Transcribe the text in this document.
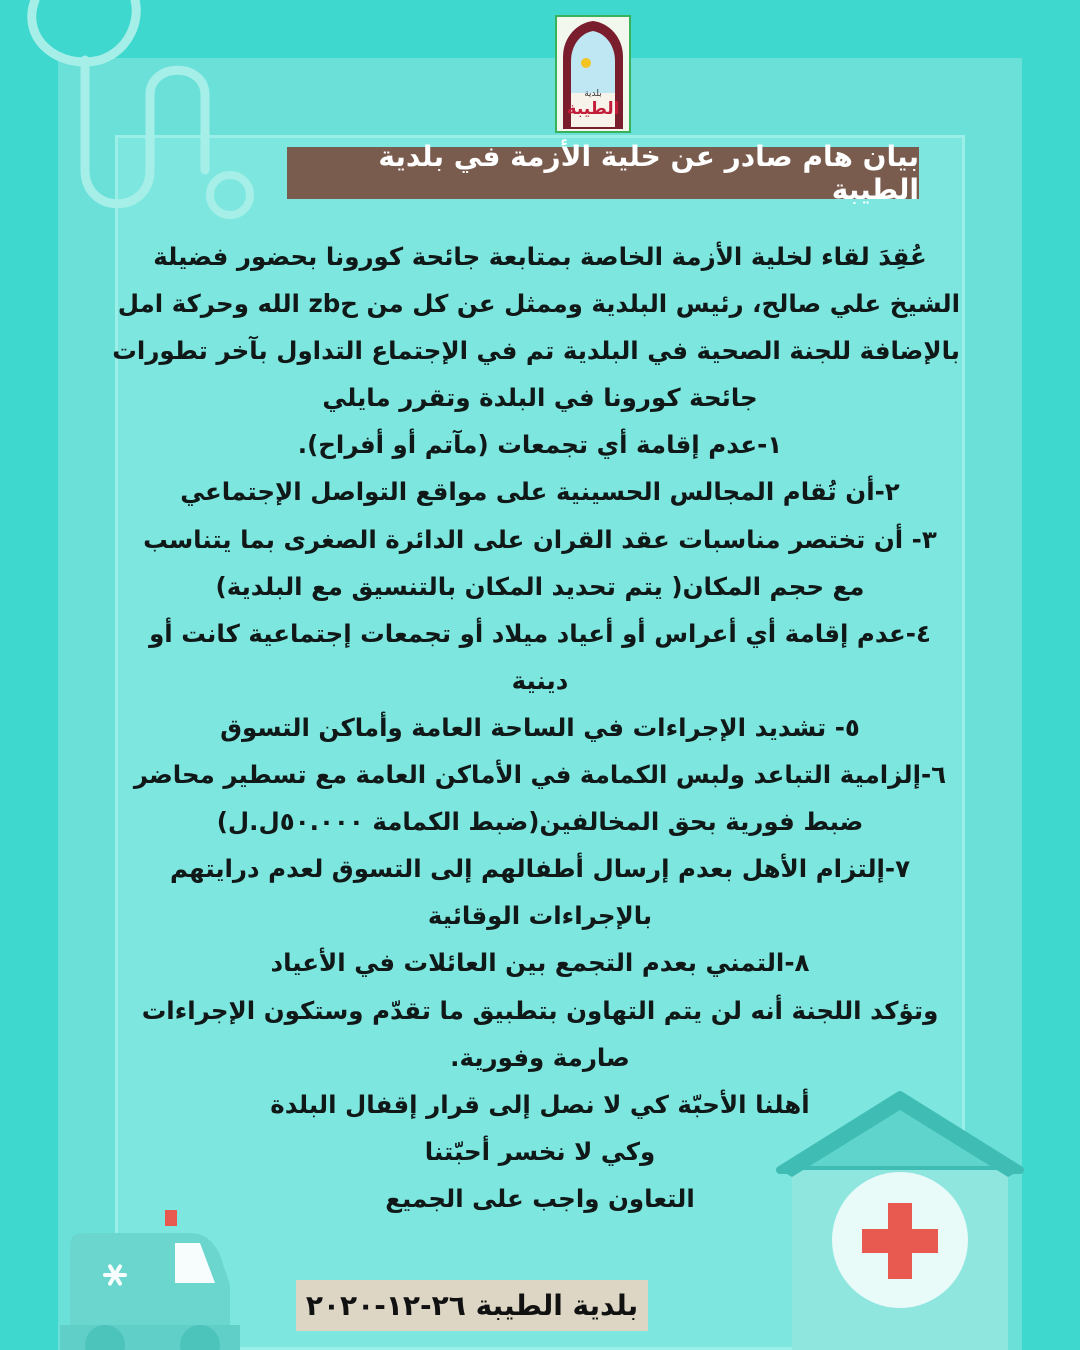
بلدية
الطيبة
بيان هام صادر عن خلية الأزمة في بلدية الطيبة
عُقِدَ لقاء لخلية الأزمة الخاصة بمتابعة جائحة كورونا بحضور فضيلة
الشيخ علي صالح، رئيس البلدية وممثل عن كل من حzb الله وحركة امل
بالإضافة للجنة الصحية في البلدية تم في الإجتماع التداول بآخر تطورات
جائحة كورونا في البلدة وتقرر مايلي
١-عدم إقامة أي تجمعات (مآتم أو أفراح).
٢-أن تُقام المجالس الحسينية على مواقع التواصل الإجتماعي
٣- أن تختصر مناسبات عقد القران على الدائرة الصغرى بما يتناسب
مع حجم المكان( يتم تحديد المكان بالتنسيق مع البلدية)
٤-عدم إقامة أي أعراس أو أعياد ميلاد أو تجمعات إجتماعية كانت أو
دينية
٥- تشديد الإجراءات في الساحة العامة وأماكن التسوق
٦-إلزامية التباعد ولبس الكمامة في الأماكن العامة مع تسطير محاضر
ضبط فورية بحق المخالفين(ضبط الكمامة ٥٠.٠٠٠ل.ل)
٧-إلتزام الأهل بعدم إرسال أطفالهم إلى التسوق لعدم درايتهم
بالإجراءات الوقائية
٨-التمني بعدم التجمع بين العائلات في الأعياد
وتؤكد اللجنة أنه لن يتم التهاون بتطبيق ما تقدّم وستكون الإجراءات
صارمة وفورية.
أهلنا الأحبّة كي لا نصل إلى قرار إقفال البلدة
وكي لا نخسر أحبّتنا
التعاون واجب على الجميع
بلدية الطيبة ٢٦-١٢-٢٠٢٠
